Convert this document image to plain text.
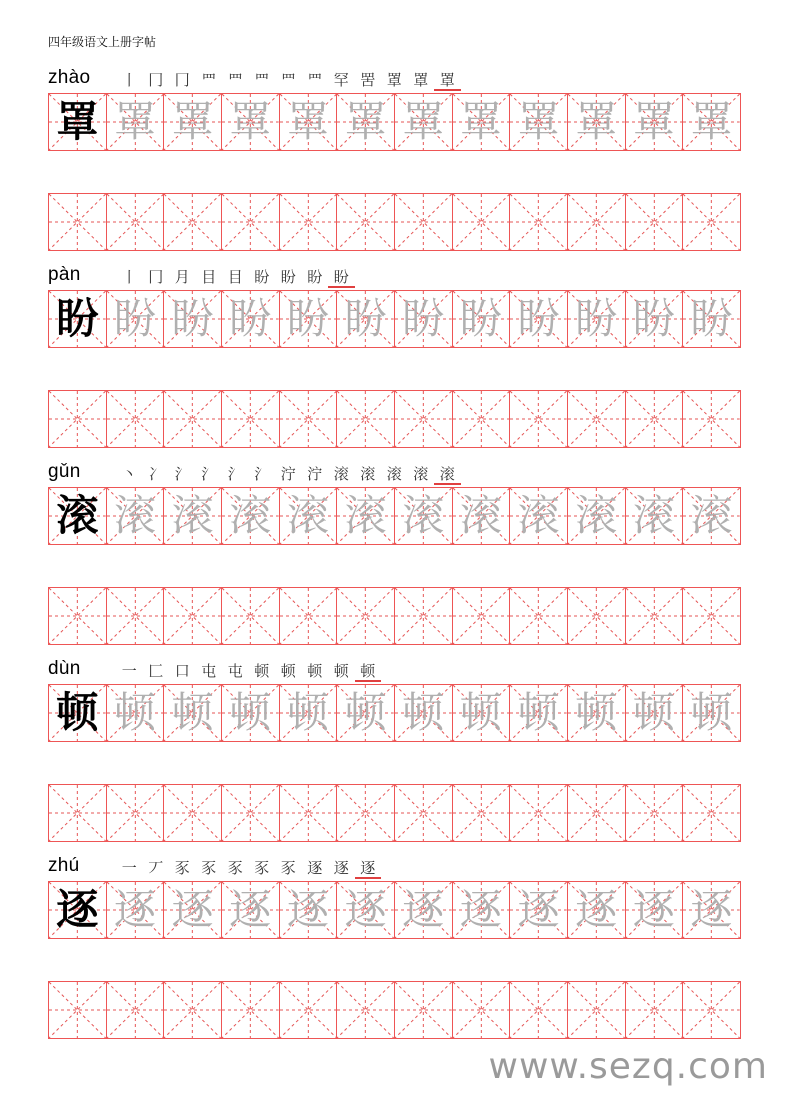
四年级语文上册字帖
zhào	丨 冂 冂 罒 罒 罒 罒 罒 罕 罟 罩 罩 罩
罩 罩 罩 罩 罩 罩 罩 罩 罩 罩 罩 罩
pàn	丨 冂 月 目 目 盼 盼 盼 盼
盼 盼 盼 盼 盼 盼 盼 盼 盼 盼 盼 盼
gǔn	丶 冫 氵 氵 氵 氵 泞 泞 滚 滚 滚 滚 滚
滚 滚 滚 滚 滚 滚 滚 滚 滚 滚 滚 滚
dùn	一 匚 口 屯 屯 顿 顿 顿 顿 顿
顿 顿 顿 顿 顿 顿 顿 顿 顿 顿 顿 顿
zhú	一 丆 豕 豕 豕 豕 豕 逐 逐 逐
逐 逐 逐 逐 逐 逐 逐 逐 逐 逐 逐 逐
www.sezq.com
